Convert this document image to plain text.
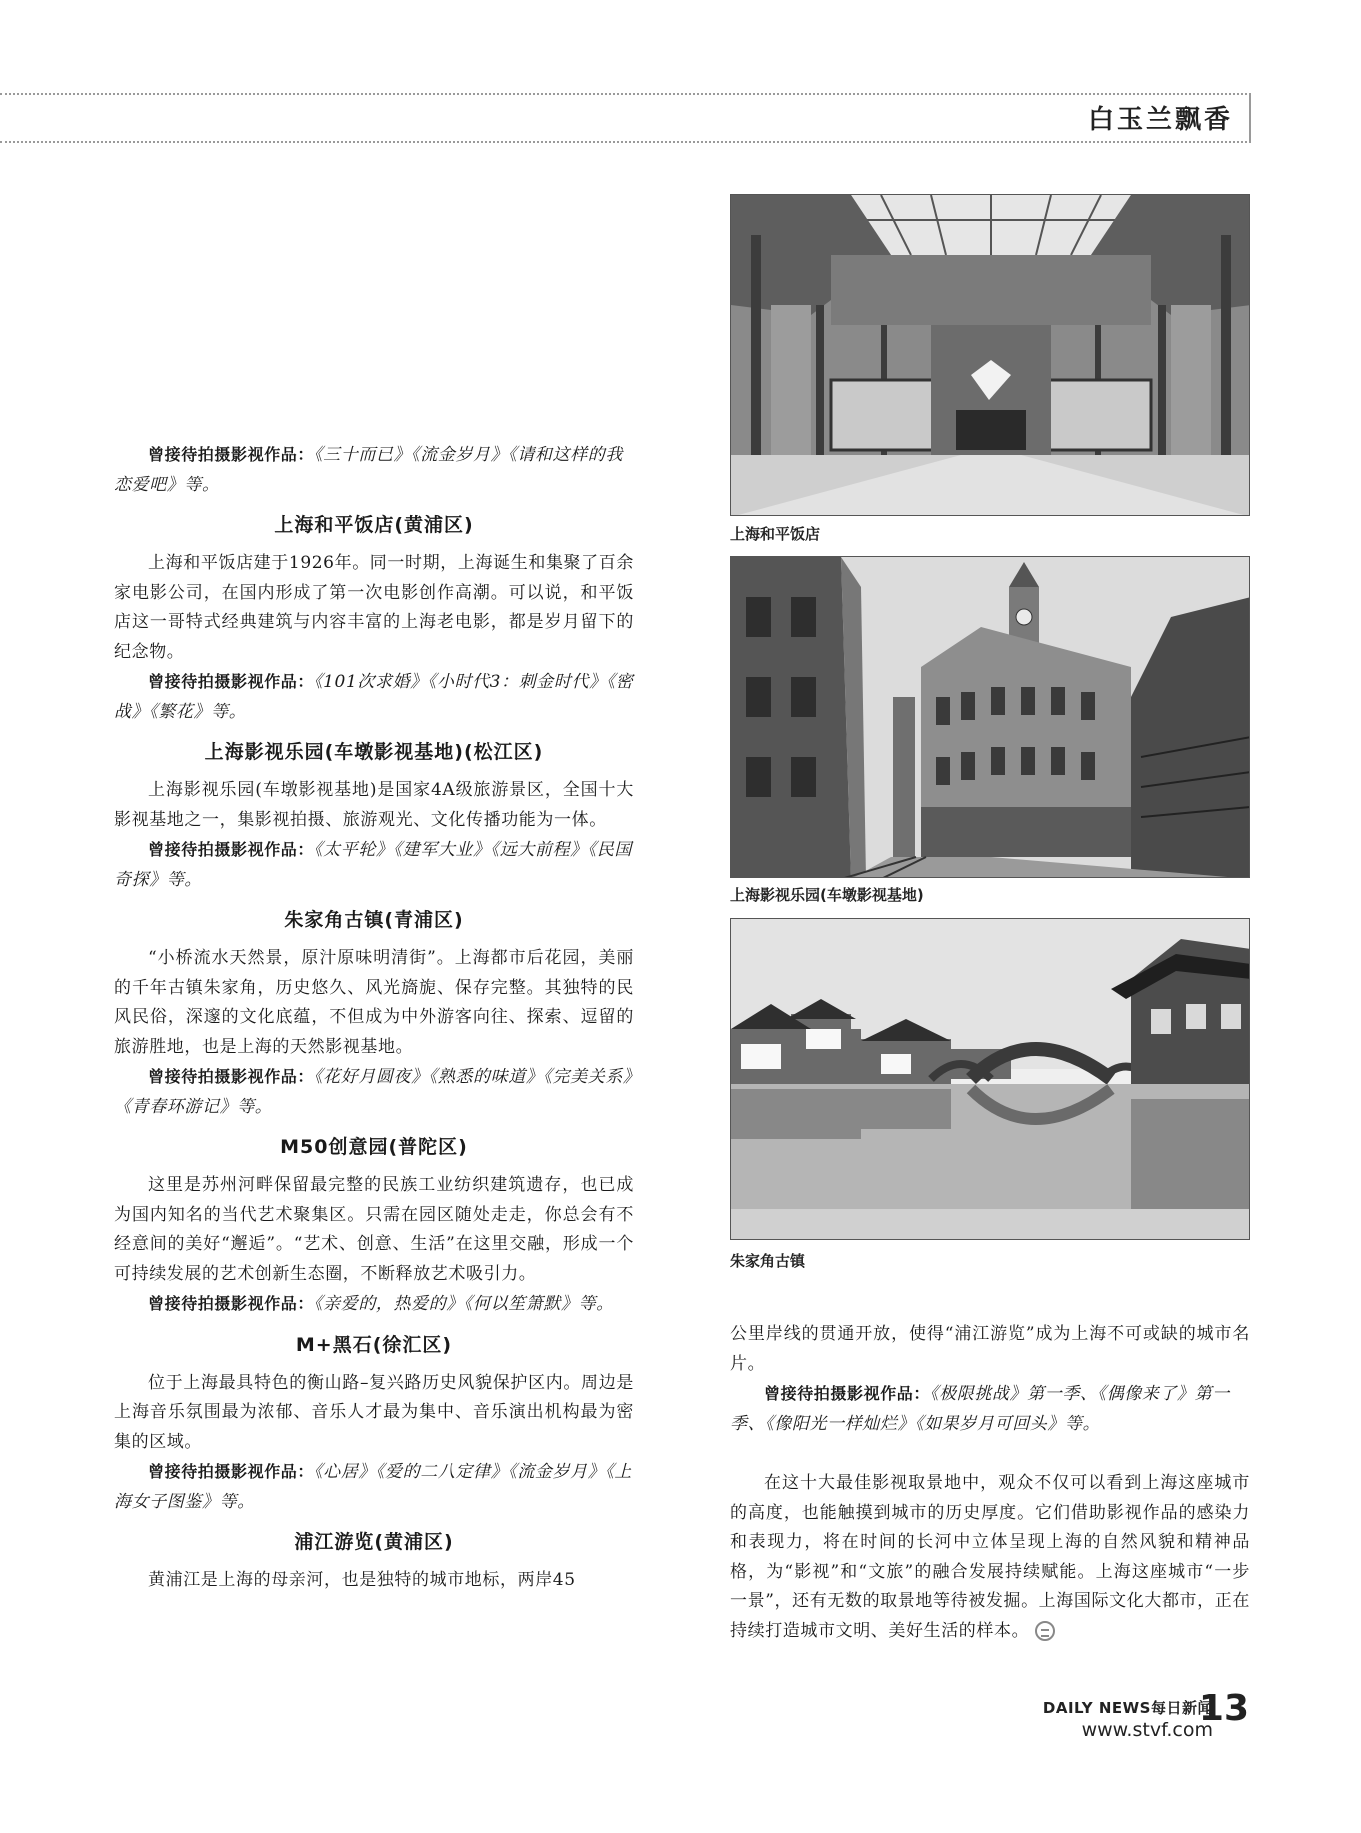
白玉兰飘香

曾接待拍摄影视作品：《三十而已》《流金岁月》《请和这样的我恋爱吧》等。

上海和平饭店(黄浦区)

上海和平饭店建于1926年。同一时期，上海诞生和集聚了百余家电影公司，在国内形成了第一次电影创作高潮。可以说，和平饭店这一哥特式经典建筑与内容丰富的上海老电影，都是岁月留下的纪念物。

曾接待拍摄影视作品：《101次求婚》《小时代3：刺金时代》《密战》《繁花》等。

上海影视乐园(车墩影视基地)(松江区)

上海影视乐园(车墩影视基地)是国家4A级旅游景区，全国十大影视基地之一，集影视拍摄、旅游观光、文化传播功能为一体。

曾接待拍摄影视作品：《太平轮》《建军大业》《远大前程》《民国奇探》等。

朱家角古镇(青浦区)

“小桥流水天然景，原汁原味明清街”。上海都市后花园，美丽的千年古镇朱家角，历史悠久、风光旖旎、保存完整。其独特的民风民俗，深邃的文化底蕴，不但成为中外游客向往、探索、逗留的旅游胜地，也是上海的天然影视基地。

曾接待拍摄影视作品：《花好月圆夜》《熟悉的味道》《完美关系》《青春环游记》等。

M50创意园(普陀区)

这里是苏州河畔保留最完整的民族工业纺织建筑遗存，也已成为国内知名的当代艺术聚集区。只需在园区随处走走，你总会有不经意间的美好“邂逅”。“艺术、创意、生活”在这里交融，形成一个可持续发展的艺术创新生态圈，不断释放艺术吸引力。

曾接待拍摄影视作品：《亲爱的，热爱的》《何以笙箫默》等。

M+黑石(徐汇区)

位于上海最具特色的衡山路–复兴路历史风貌保护区内。周边是上海音乐氛围最为浓郁、音乐人才最为集中、音乐演出机构最为密集的区域。

曾接待拍摄影视作品：《心居》《爱的二八定律》《流金岁月》《上海女子图鉴》等。

浦江游览(黄浦区)

黄浦江是上海的母亲河，也是独特的城市地标，两岸45

上海和平饭店
上海影视乐园(车墩影视基地)
朱家角古镇

公里岸线的贯通开放，使得“浦江游览”成为上海不可或缺的城市名片。

曾接待拍摄影视作品：《极限挑战》第一季、《偶像来了》第一季、《像阳光一样灿烂》《如果岁月可回头》等。

在这十大最佳影视取景地中，观众不仅可以看到上海这座城市的高度，也能触摸到城市的历史厚度。它们借助影视作品的感染力和表现力，将在时间的长河中立体呈现上海的自然风貌和精神品格，为“影视”和“文旅”的融合发展持续赋能。上海这座城市“一步一景”，还有无数的取景地等待被发掘。上海国际文化大都市，正在持续打造城市文明、美好生活的样本。

DAILY NEWS每日新闻
www.stvf.com
13
